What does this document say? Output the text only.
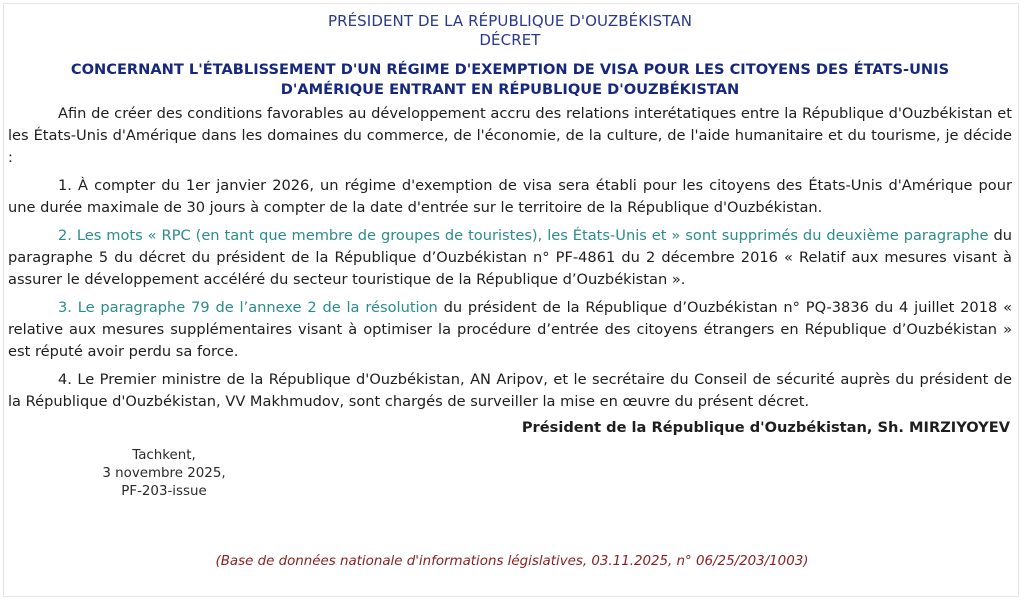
PRÉSIDENT DE LA RÉPUBLIQUE D'OUZBÉKISTAN
DÉCRET
CONCERNANT L'ÉTABLISSEMENT D'UN RÉGIME D'EXEMPTION DE VISA POUR LES CITOYENS DES ÉTATS-UNIS
D'AMÉRIQUE ENTRANT EN RÉPUBLIQUE D'OUZBÉKISTAN

Afin de créer des conditions favorables au développement accru des relations interétatiques entre la République d'Ouzbékistan et les États-Unis d'Amérique dans les domaines du commerce, de l'économie, de la culture, de l'aide humanitaire et du tourisme, je décide :

1. À compter du 1er janvier 2026, un régime d'exemption de visa sera établi pour les citoyens des États-Unis d'Amérique pour une durée maximale de 30 jours à compter de la date d'entrée sur le territoire de la République d'Ouzbékistan.

2. Les mots « RPC (en tant que membre de groupes de touristes), les États-Unis et » sont supprimés du deuxième paragraphe du paragraphe 5 du décret du président de la République d’Ouzbékistan n° PF-4861 du 2 décembre 2016 « Relatif aux mesures visant à assurer le développement accéléré du secteur touristique de la République d’Ouzbékistan ».

3. Le paragraphe 79 de l’annexe 2 de la résolution du président de la République d’Ouzbékistan n° PQ-3836 du 4 juillet 2018 « relative aux mesures supplémentaires visant à optimiser la procédure d’entrée des citoyens étrangers en République d’Ouzbékistan » est réputé avoir perdu sa force.

4. Le Premier ministre de la République d'Ouzbékistan, AN Aripov, et le secrétaire du Conseil de sécurité auprès du président de la République d'Ouzbékistan, VV Makhmudov, sont chargés de surveiller la mise en œuvre du présent décret.

Président de la République d'Ouzbékistan, Sh. MIRZIYOYEV
Tachkent,
3 novembre 2025,
PF-203-issue
(Base de données nationale d'informations législatives, 03.11.2025, n° 06/25/203/1003)
